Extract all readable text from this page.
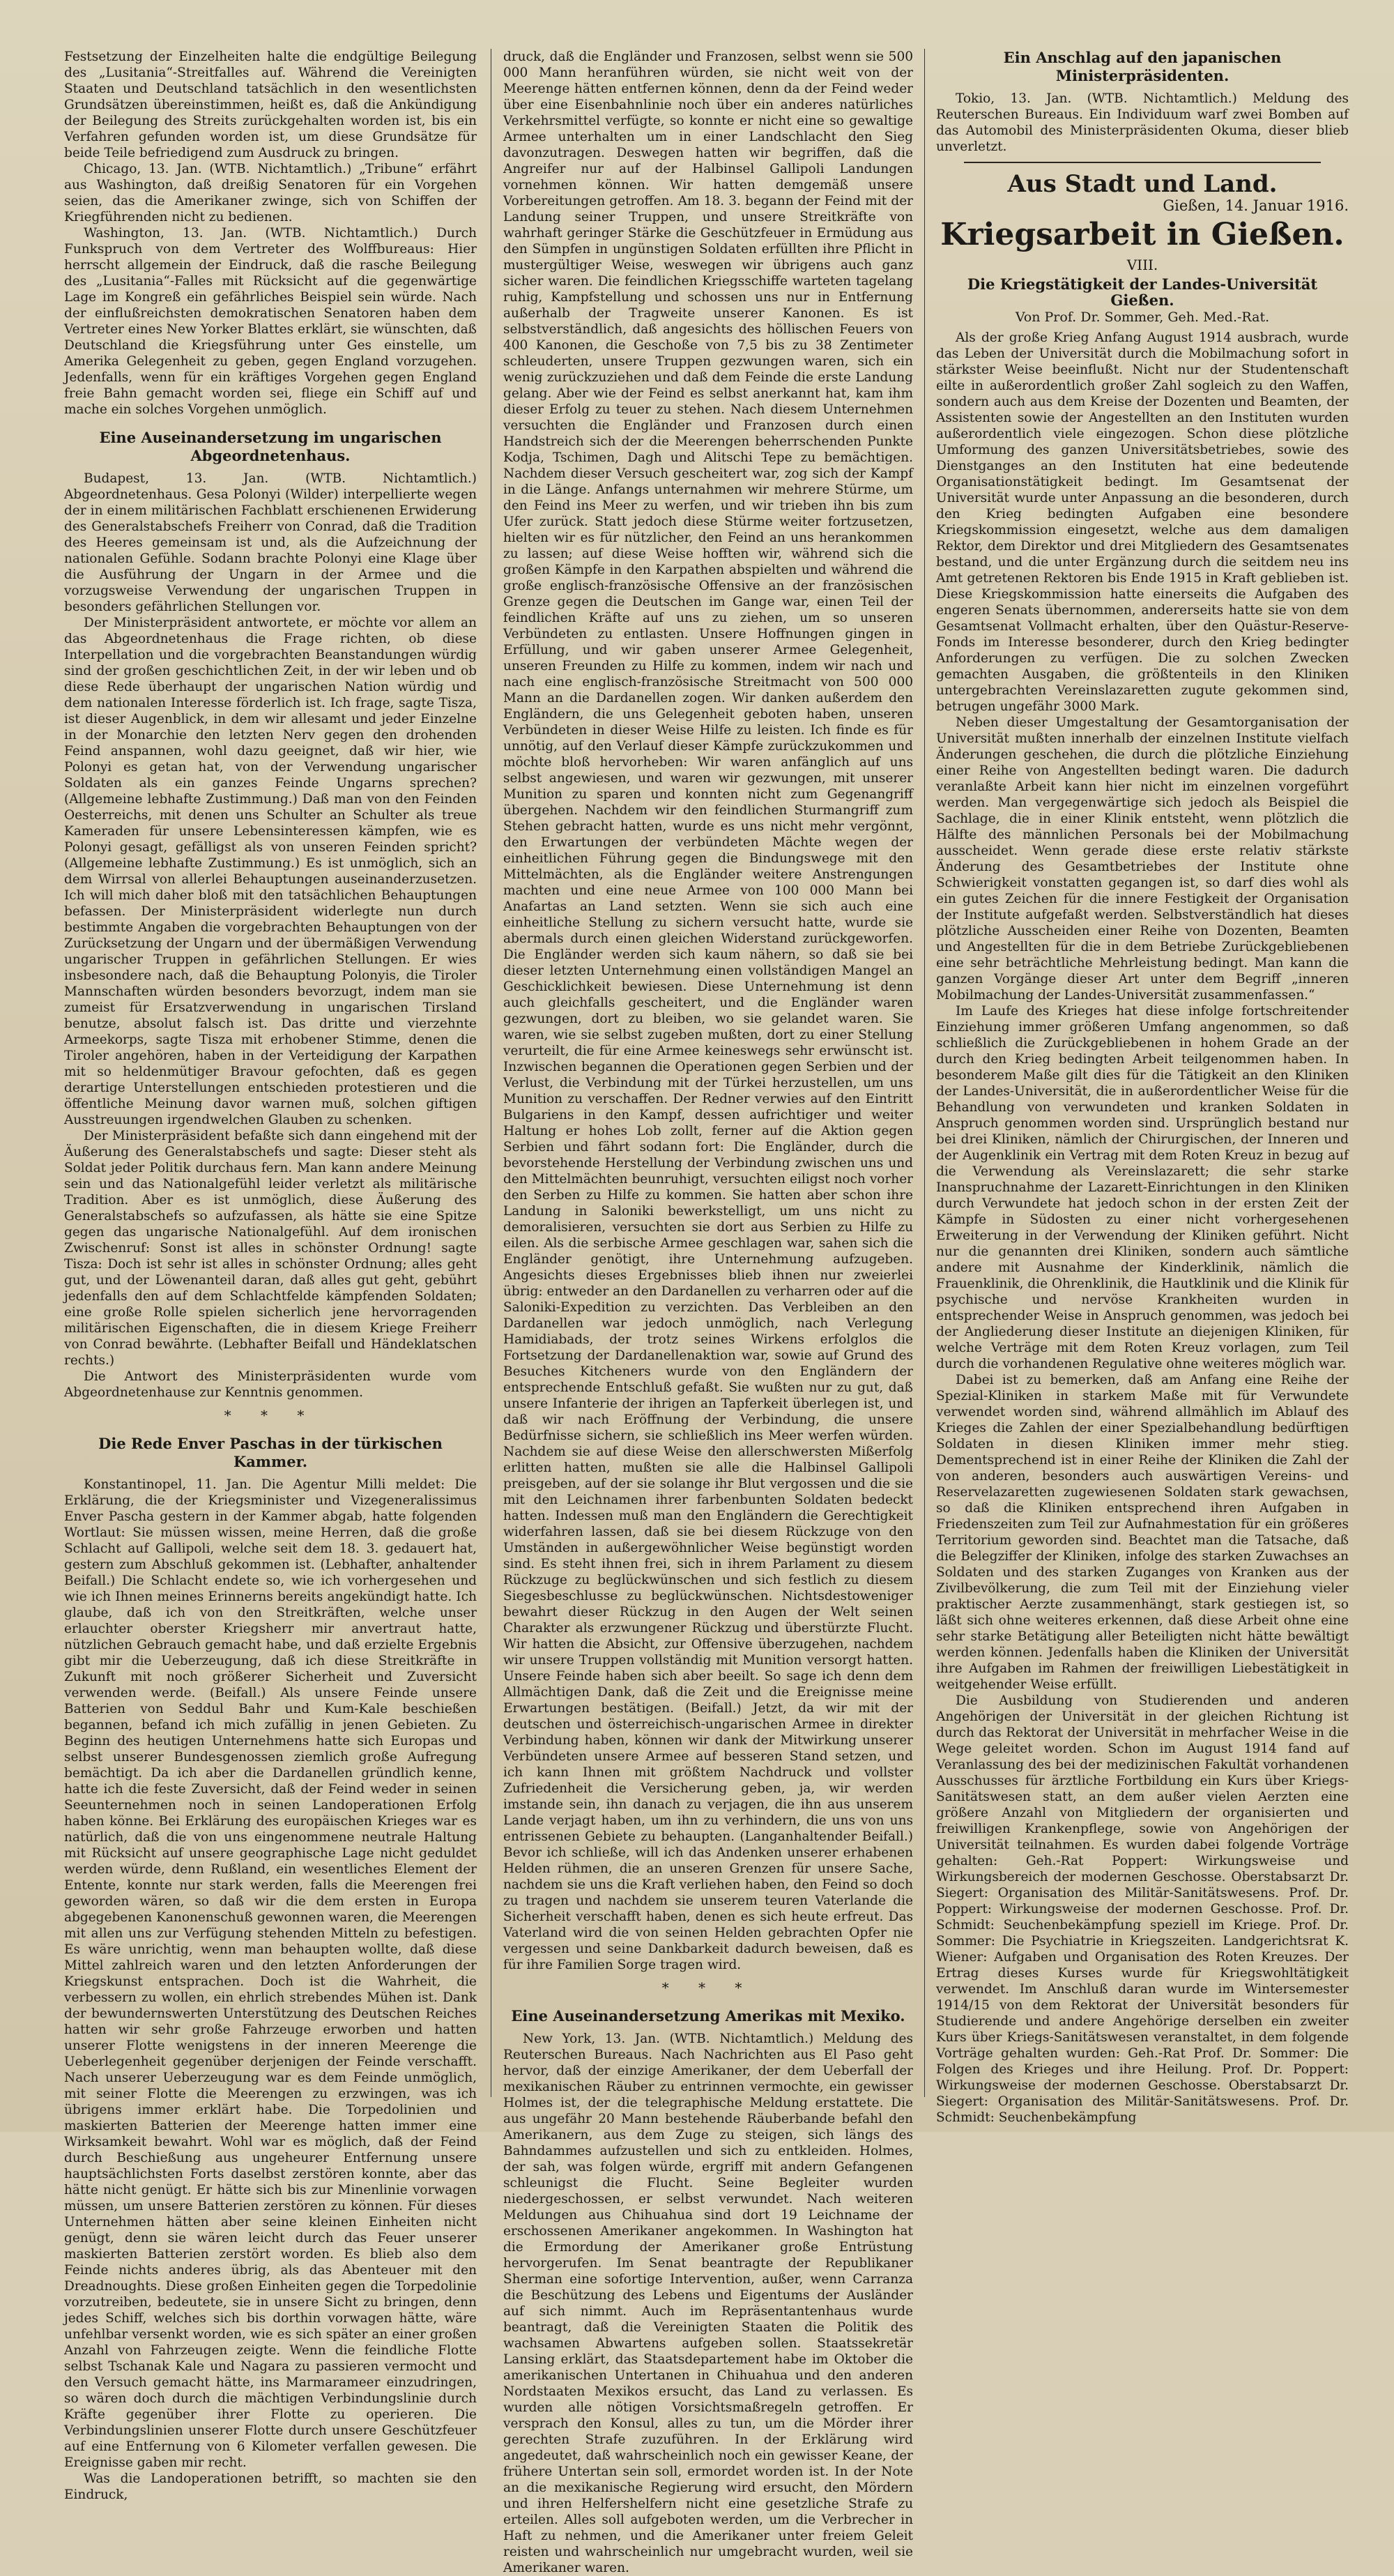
Festsetzung der Einzelheiten halte die endgültige Beilegung des „Lusitania“-Streitfalles auf. Während die Vereinigten Staaten und Deutschland tatsächlich in den wesentlichsten Grundsätzen übereinstimmen, heißt es, daß die Ankündigung der Beilegung des Streits zurückgehalten worden ist, bis ein Verfahren gefunden worden ist, um diese Grundsätze für beide Teile befriedigend zum Ausdruck zu bringen.

Chicago, 13. Jan. (WTB. Nichtamtlich.) „Tribune“ erfährt aus Washington, daß dreißig Senatoren für ein Vorgehen seien, das die Amerikaner zwinge, sich von Schiffen der Kriegführenden nicht zu bedienen.

Washington, 13. Jan. (WTB. Nichtamtlich.) Durch Funkspruch von dem Vertreter des Wolffbureaus: Hier herrscht allgemein der Eindruck, daß die rasche Beilegung des „Lusitania“-Falles mit Rücksicht auf die gegenwärtige Lage im Kongreß ein gefährliches Beispiel sein würde. Nach der einflußreichsten demokratischen Senatoren haben dem Vertreter eines New Yorker Blattes erklärt, sie wünschten, daß Deutschland die Kriegsführung unter Ges einstelle, um Amerika Gelegenheit zu geben, gegen England vorzugehen. Jedenfalls, wenn für ein kräftiges Vorgehen gegen England freie Bahn gemacht worden sei, fliege ein Schiff auf und mache ein solches Vorgehen unmöglich.

Eine Auseinandersetzung im ungarischen Abgeordnetenhaus.

Budapest, 13. Jan. (WTB. Nichtamtlich.) Abgeordnetenhaus. Gesa Polonyi (Wilder) interpellierte wegen der in einem militärischen Fachblatt erschienenen Erwiderung des Generalstabschefs Freiherr von Conrad, daß die Tradition des Heeres gemeinsam ist und, als die Aufzeichnung der nationalen Gefühle. Sodann brachte Polonyi eine Klage über die Ausführung der Ungarn in der Armee und die vorzugsweise Verwendung der ungarischen Truppen in besonders gefährlichen Stellungen vor.

Der Ministerpräsident antwortete, er möchte vor allem an das Abgeordnetenhaus die Frage richten, ob diese Interpellation und die vorgebrachten Beanstandungen würdig sind der großen geschichtlichen Zeit, in der wir leben und ob diese Rede überhaupt der ungarischen Nation würdig und dem nationalen Interesse förderlich ist. Ich frage, sagte Tisza, ist dieser Augenblick, in dem wir allesamt und jeder Einzelne in der Monarchie den letzten Nerv gegen den drohenden Feind anspannen, wohl dazu geeignet, daß wir hier, wie Polonyi es getan hat, von der Verwendung ungarischer Soldaten als ein ganzes Feinde Ungarns sprechen? (Allgemeine lebhafte Zustimmung.) Daß man von den Feinden Oesterreichs, mit denen uns Schulter an Schulter als treue Kameraden für unsere Lebensinteressen kämpfen, wie es Polonyi gesagt, gefälligst als von unseren Feinden spricht? (Allgemeine lebhafte Zustimmung.) Es ist unmöglich, sich an dem Wirrsal von allerlei Behauptungen auseinanderzusetzen. Ich will mich daher bloß mit den tatsächlichen Behauptungen befassen. Der Ministerpräsident widerlegte nun durch bestimmte Angaben die vorgebrachten Behauptungen von der Zurücksetzung der Ungarn und der übermäßigen Verwendung ungarischer Truppen in gefährlichen Stellungen. Er wies insbesondere nach, daß die Behauptung Polonyis, die Tiroler Mannschaften würden besonders bevorzugt, indem man sie zumeist für Ersatzverwendung in ungarischen Tirsland benutze, absolut falsch ist. Das dritte und vierzehnte Armeekorps, sagte Tisza mit erhobener Stimme, denen die Tiroler angehören, haben in der Verteidigung der Karpathen mit so heldenmütiger Bravour gefochten, daß es gegen derartige Unterstellungen entschieden protestieren und die öffentliche Meinung davor warnen muß, solchen giftigen Ausstreuungen irgendwelchen Glauben zu schenken.

Der Ministerpräsident befaßte sich dann eingehend mit der Äußerung des Generalstabschefs und sagte: Dieser steht als Soldat jeder Politik durchaus fern. Man kann andere Meinung sein und das Nationalgefühl leider verletzt als militärische Tradition. Aber es ist unmöglich, diese Äußerung des Generalstabschefs so aufzufassen, als hätte sie eine Spitze gegen das ungarische Nationalgefühl. Auf dem ironischen Zwischenruf: Sonst ist alles in schönster Ordnung! sagte Tisza: Doch ist sehr ist alles in schönster Ordnung; alles geht gut, und der Löwenanteil daran, daß alles gut geht, gebührt jedenfalls den auf dem Schlachtfelde kämpfenden Soldaten; eine große Rolle spielen sicherlich jene hervorragenden militärischen Eigenschaften, die in diesem Kriege Freiherr von Conrad bewährte. (Lebhafter Beifall und Händeklatschen rechts.)

Die Antwort des Ministerpräsidenten wurde vom Abgeordnetenhause zur Kenntnis genommen.

* * *
Die Rede Enver Paschas in der türkischen Kammer.

Konstantinopel, 11. Jan. Die Agentur Milli meldet: Die Erklärung, die der Kriegsminister und Vizegeneralissimus Enver Pascha gestern in der Kammer abgab, hatte folgenden Wortlaut: Sie müssen wissen, meine Herren, daß die große Schlacht auf Gallipoli, welche seit dem 18. 3. gedauert hat, gestern zum Abschluß gekommen ist. (Lebhafter, anhaltender Beifall.) Die Schlacht endete so, wie ich vorhergesehen und wie ich Ihnen meines Erinnerns bereits angekündigt hatte. Ich glaube, daß ich von den Streitkräften, welche unser erlauchter oberster Kriegsherr mir anvertraut hatte, nützlichen Gebrauch gemacht habe, und daß erzielte Ergebnis gibt mir die Ueberzeugung, daß ich diese Streitkräfte in Zukunft mit noch größerer Sicherheit und Zuversicht verwenden werde. (Beifall.) Als unsere Feinde unsere Batterien von Seddul Bahr und Kum-Kale beschießen begannen, befand ich mich zufällig in jenen Gebieten. Zu Beginn des heutigen Unternehmens hatte sich Europas und selbst unserer Bundesgenossen ziemlich große Aufregung bemächtigt. Da ich aber die Dardanellen gründlich kenne, hatte ich die feste Zuversicht, daß der Feind weder in seinen Seeunternehmen noch in seinen Landoperationen Erfolg haben könne. Bei Erklärung des europäischen Krieges war es natürlich, daß die von uns eingenommene neutrale Haltung mit Rücksicht auf unsere geographische Lage nicht geduldet werden würde, denn Rußland, ein wesentliches Element der Entente, konnte nur stark werden, falls die Meerengen frei geworden wären, so daß wir die dem ersten in Europa abgegebenen Kanonenschuß gewonnen waren, die Meerengen mit allen uns zur Verfügung stehenden Mitteln zu befestigen. Es wäre unrichtig, wenn man behaupten wollte, daß diese Mittel zahlreich waren und den letzten Anforderungen der Kriegskunst entsprachen. Doch ist die Wahrheit, die verbessern zu wollen, ein ehrlich strebendes Mühen ist. Dank der bewundernswerten Unterstützung des Deutschen Reiches hatten wir sehr große Fahrzeuge erworben und hatten unserer Flotte wenigstens in der inneren Meerenge die Ueberlegenheit gegenüber derjenigen der Feinde verschafft. Nach unserer Ueberzeugung war es dem Feinde unmöglich, mit seiner Flotte die Meerengen zu erzwingen, was ich übrigens immer erklärt habe. Die Torpedolinien und maskierten Batterien der Meerenge hatten immer eine Wirksamkeit bewahrt. Wohl war es möglich, daß der Feind durch Beschießung aus ungeheurer Entfernung unsere hauptsächlichsten Forts daselbst zerstören konnte, aber das hätte nicht genügt. Er hätte sich bis zur Minenlinie vorwagen müssen, um unsere Batterien zerstören zu können. Für dieses Unternehmen hätten aber seine kleinen Einheiten nicht genügt, denn sie wären leicht durch das Feuer unserer maskierten Batterien zerstört worden. Es blieb also dem Feinde nichts anderes übrig, als das Abenteuer mit den Dreadnoughts. Diese großen Einheiten gegen die Torpedolinie vorzutreiben, bedeutete, sie in unsere Sicht zu bringen, denn jedes Schiff, welches sich bis dorthin vorwagen hätte, wäre unfehlbar versenkt worden, wie es sich später an einer großen Anzahl von Fahrzeugen zeigte. Wenn die feindliche Flotte selbst Tschanak Kale und Nagara zu passieren vermocht und den Versuch gemacht hätte, ins Marmarameer einzudringen, so wären doch durch die mächtigen Verbindungslinie durch Kräfte gegenüber ihrer Flotte zu operieren. Die Verbindungslinien unserer Flotte durch unsere Geschützfeuer auf eine Entfernung von 6 Kilometer verfallen gewesen. Die Ereignisse gaben mir recht.

Was die Landoperationen betrifft, so machten sie den Eindruck,

druck, daß die Engländer und Franzosen, selbst wenn sie 500 000 Mann heranführen würden, sie nicht weit von der Meerenge hätten entfernen können, denn da der Feind weder über eine Eisenbahnlinie noch über ein anderes natürliches Verkehrsmittel verfügte, so konnte er nicht eine so gewaltige Armee unterhalten um in einer Landschlacht den Sieg davonzutragen. Deswegen hatten wir begriffen, daß die Angreifer nur auf der Halbinsel Gallipoli Landungen vornehmen können. Wir hatten demgemäß unsere Vorbereitungen getroffen. Am 18. 3. begann der Feind mit der Landung seiner Truppen, und unsere Streitkräfte von wahrhaft geringer Stärke die Geschützfeuer in Ermüdung aus den Sümpfen in ungünstigen Soldaten erfüllten ihre Pflicht in mustergültiger Weise, weswegen wir übrigens auch ganz sicher waren. Die feindlichen Kriegsschiffe warteten tagelang ruhig, Kampfstellung und schossen uns nur in Entfernung außerhalb der Tragweite unserer Kanonen. Es ist selbstverständlich, daß angesichts des höllischen Feuers von 400 Kanonen, die Geschoße von 7,5 bis zu 38 Zentimeter schleuderten, unsere Truppen gezwungen waren, sich ein wenig zurückzuziehen und daß dem Feinde die erste Landung gelang. Aber wie der Feind es selbst anerkannt hat, kam ihm dieser Erfolg zu teuer zu stehen. Nach diesem Unternehmen versuchten die Engländer und Franzosen durch einen Handstreich sich der die Meerengen beherrschenden Punkte Kodja, Tschimen, Dagh und Alitschi Tepe zu bemächtigen. Nachdem dieser Versuch gescheitert war, zog sich der Kampf in die Länge. Anfangs unternahmen wir mehrere Stürme, um den Feind ins Meer zu werfen, und wir trieben ihn bis zum Ufer zurück. Statt jedoch diese Stürme weiter fortzusetzen, hielten wir es für nützlicher, den Feind an uns herankommen zu lassen; auf diese Weise hofften wir, während sich die großen Kämpfe in den Karpathen abspielten und während die große englisch-französische Offensive an der französischen Grenze gegen die Deutschen im Gange war, einen Teil der feindlichen Kräfte auf uns zu ziehen, um so unseren Verbündeten zu entlasten. Unsere Hoffnungen gingen in Erfüllung, und wir gaben unserer Armee Gelegenheit, unseren Freunden zu Hilfe zu kommen, indem wir nach und nach eine englisch-französische Streitmacht von 500 000 Mann an die Dardanellen zogen. Wir danken außerdem den Engländern, die uns Gelegenheit geboten haben, unseren Verbündeten in dieser Weise Hilfe zu leisten. Ich finde es für unnötig, auf den Verlauf dieser Kämpfe zurückzukommen und möchte bloß hervorheben: Wir waren anfänglich auf uns selbst angewiesen, und waren wir gezwungen, mit unserer Munition zu sparen und konnten nicht zum Gegenangriff übergehen. Nachdem wir den feindlichen Sturmangriff zum Stehen gebracht hatten, wurde es uns nicht mehr vergönnt, den Erwartungen der verbündeten Mächte wegen der einheitlichen Führung gegen die Bindungswege mit den Mittelmächten, als die Engländer weitere Anstrengungen machten und eine neue Armee von 100 000 Mann bei Anafartas an Land setzten. Wenn sie sich auch eine einheitliche Stellung zu sichern versucht hatte, wurde sie abermals durch einen gleichen Widerstand zurückgeworfen. Die Engländer werden sich kaum nähern, so daß sie bei dieser letzten Unternehmung einen vollständigen Mangel an Geschicklichkeit bewiesen. Diese Unternehmung ist denn auch gleichfalls gescheitert, und die Engländer waren gezwungen, dort zu bleiben, wo sie gelandet waren. Sie waren, wie sie selbst zugeben mußten, dort zu einer Stellung verurteilt, die für eine Armee keineswegs sehr erwünscht ist. Inzwischen begannen die Operationen gegen Serbien und der Verlust, die Verbindung mit der Türkei herzustellen, um uns Munition zu verschaffen. Der Redner verwies auf den Eintritt Bulgariens in den Kampf, dessen aufrichtiger und weiter Haltung er hohes Lob zollt, ferner auf die Aktion gegen Serbien und fährt sodann fort: Die Engländer, durch die bevorstehende Herstellung der Verbindung zwischen uns und den Mittelmächten beunruhigt, versuchten eiligst noch vorher den Serben zu Hilfe zu kommen. Sie hatten aber schon ihre Landung in Saloniki bewerkstelligt, um uns nicht zu demoralisieren, versuchten sie dort aus Serbien zu Hilfe zu eilen. Als die serbische Armee geschlagen war, sahen sich die Engländer genötigt, ihre Unternehmung aufzugeben. Angesichts dieses Ergebnisses blieb ihnen nur zweierlei übrig: entweder an den Dardanellen zu verharren oder auf die Saloniki-Expedition zu verzichten. Das Verbleiben an den Dardanellen war jedoch unmöglich, nach Verlegung Hamidiabads, der trotz seines Wirkens erfolglos die Fortsetzung der Dardanellenaktion war, sowie auf Grund des Besuches Kitcheners wurde von den Engländern der entsprechende Entschluß gefaßt. Sie wußten nur zu gut, daß unsere Infanterie der ihrigen an Tapferkeit überlegen ist, und daß wir nach Eröffnung der Verbindung, die unsere Bedürfnisse sichern, sie schließlich ins Meer werfen würden. Nachdem sie auf diese Weise den allerschwersten Mißerfolg erlitten hatten, mußten sie alle die Halbinsel Gallipoli preisgeben, auf der sie solange ihr Blut vergossen und die sie mit den Leichnamen ihrer farbenbunten Soldaten bedeckt hatten. Indessen muß man den Engländern die Gerechtigkeit widerfahren lassen, daß sie bei diesem Rückzuge von den Umständen in außergewöhnlicher Weise begünstigt worden sind. Es steht ihnen frei, sich in ihrem Parlament zu diesem Rückzuge zu beglückwünschen und sich festlich zu diesem Siegesbeschlusse zu beglückwünschen. Nichtsdestoweniger bewahrt dieser Rückzug in den Augen der Welt seinen Charakter als erzwungener Rückzug und überstürzte Flucht. Wir hatten die Absicht, zur Offensive überzugehen, nachdem wir unsere Truppen vollständig mit Munition versorgt hatten. Unsere Feinde haben sich aber beeilt. So sage ich denn dem Allmächtigen Dank, daß die Zeit und die Ereignisse meine Erwartungen bestätigen. (Beifall.) Jetzt, da wir mit der deutschen und österreichisch-ungarischen Armee in direkter Verbindung haben, können wir dank der Mitwirkung unserer Verbündeten unsere Armee auf besseren Stand setzen, und ich kann Ihnen mit größtem Nachdruck und vollster Zufriedenheit die Versicherung geben, ja, wir werden imstande sein, ihn danach zu verjagen, die ihn aus unserem Lande verjagt haben, um ihn zu verhindern, die uns von uns entrissenen Gebiete zu behaupten. (Langanhaltender Beifall.) Bevor ich schließe, will ich das Andenken unserer erhabenen Helden rühmen, die an unseren Grenzen für unsere Sache, nachdem sie uns die Kraft verliehen haben, den Feind so doch zu tragen und nachdem sie unserem teuren Vaterlande die Sicherheit verschafft haben, denen es sich heute erfreut. Das Vaterland wird die von seinen Helden gebrachten Opfer nie vergessen und seine Dankbarkeit dadurch beweisen, daß es für ihre Familien Sorge tragen wird.

* * *
Eine Auseinandersetzung Amerikas mit Mexiko.

New York, 13. Jan. (WTB. Nichtamtlich.) Meldung des Reuterschen Bureaus. Nach Nachrichten aus El Paso geht hervor, daß der einzige Amerikaner, der dem Ueberfall der mexikanischen Räuber zu entrinnen vermochte, ein gewisser Holmes ist, der die telegraphische Meldung erstattete. Die aus ungefähr 20 Mann bestehende Räuberbande befahl den Amerikanern, aus dem Zuge zu steigen, sich längs des Bahndammes aufzustellen und sich zu entkleiden. Holmes, der sah, was folgen würde, ergriff mit andern Gefangenen schleunigst die Flucht. Seine Begleiter wurden niedergeschossen, er selbst verwundet. Nach weiteren Meldungen aus Chihuahua sind dort 19 Leichname der erschossenen Amerikaner angekommen. In Washington hat die Ermordung der Amerikaner große Entrüstung hervorgerufen. Im Senat beantragte der Republikaner Sherman eine sofortige Intervention, außer, wenn Carranza die Beschützung des Lebens und Eigentums der Ausländer auf sich nimmt. Auch im Repräsentantenhaus wurde beantragt, daß die Vereinigten Staaten die Politik des wachsamen Abwartens aufgeben sollen. Staatssekretär Lansing erklärt, das Staatsdepartement habe im Oktober die amerikanischen Untertanen in Chihuahua und den anderen Nordstaaten Mexikos ersucht, das Land zu verlassen. Es wurden alle nötigen Vorsichtsmaßregeln getroffen. Er versprach den Konsul, alles zu tun, um die Mörder ihrer gerechten Strafe zuzuführen. In der Erklärung wird angedeutet, daß wahrscheinlich noch ein gewisser Keane, der frühere Untertan sein soll, ermordet worden ist. In der Note an die mexikanische Regierung wird ersucht, den Mördern und ihren Helfershelfern nicht eine gesetzliche Strafe zu erteilen. Alles soll aufgeboten werden, um die Verbrecher in Haft zu nehmen, und die Amerikaner unter freiem Geleit reisten und wahrscheinlich nur umgebracht wurden, weil sie Amerikaner waren.

Ein Anschlag auf den japanischen Ministerpräsidenten.

Tokio, 13. Jan. (WTB. Nichtamtlich.) Meldung des Reuterschen Bureaus. Ein Individuum warf zwei Bomben auf das Automobil des Ministerpräsidenten Okuma, dieser blieb unverletzt.

Aus Stadt und Land.
Gießen, 14. Januar 1916.
Kriegsarbeit in Gießen.
VIII.
Die Kriegstätigkeit der Landes-Universität Gießen.
Von Prof. Dr. Sommer, Geh. Med.-Rat.

Als der große Krieg Anfang August 1914 ausbrach, wurde das Leben der Universität durch die Mobilmachung sofort in stärkster Weise beeinflußt. Nicht nur der Studentenschaft eilte in außerordentlich großer Zahl sogleich zu den Waffen, sondern auch aus dem Kreise der Dozenten und Beamten, der Assistenten sowie der Angestellten an den Instituten wurden außerordentlich viele eingezogen. Schon diese plötzliche Umformung des ganzen Universitätsbetriebes, sowie des Dienstganges an den Instituten hat eine bedeutende Organisationstätigkeit bedingt. Im Gesamtsenat der Universität wurde unter Anpassung an die besonderen, durch den Krieg bedingten Aufgaben eine besondere Kriegskommission eingesetzt, welche aus dem damaligen Rektor, dem Direktor und drei Mitgliedern des Gesamtsenates bestand, und die unter Ergänzung durch die seitdem neu ins Amt getretenen Rektoren bis Ende 1915 in Kraft geblieben ist. Diese Kriegskommission hatte einerseits die Aufgaben des engeren Senats übernommen, andererseits hatte sie von dem Gesamtsenat Vollmacht erhalten, über den Quästur-Reserve-Fonds im Interesse besonderer, durch den Krieg bedingter Anforderungen zu verfügen. Die zu solchen Zwecken gemachten Ausgaben, die größtenteils in den Kliniken untergebrachten Vereinslazaretten zugute gekommen sind, betrugen ungefähr 3000 Mark.

Neben dieser Umgestaltung der Gesamtorganisation der Universität mußten innerhalb der einzelnen Institute vielfach Änderungen geschehen, die durch die plötzliche Einziehung einer Reihe von Angestellten bedingt waren. Die dadurch veranlaßte Arbeit kann hier nicht im einzelnen vorgeführt werden. Man vergegenwärtige sich jedoch als Beispiel die Sachlage, die in einer Klinik entsteht, wenn plötzlich die Hälfte des männlichen Personals bei der Mobilmachung ausscheidet. Wenn gerade diese erste relativ stärkste Änderung des Gesamtbetriebes der Institute ohne Schwierigkeit vonstatten gegangen ist, so darf dies wohl als ein gutes Zeichen für die innere Festigkeit der Organisation der Institute aufgefaßt werden. Selbstverständlich hat dieses plötzliche Ausscheiden einer Reihe von Dozenten, Beamten und Angestellten für die in dem Betriebe Zurückgebliebenen eine sehr beträchtliche Mehrleistung bedingt. Man kann die ganzen Vorgänge dieser Art unter dem Begriff „inneren Mobilmachung der Landes-Universität zusammenfassen.“

Im Laufe des Krieges hat diese infolge fortschreitender Einziehung immer größeren Umfang angenommen, so daß schließlich die Zurückgebliebenen in hohem Grade an der durch den Krieg bedingten Arbeit teilgenommen haben. In besonderem Maße gilt dies für die Tätigkeit an den Kliniken der Landes-Universität, die in außerordentlicher Weise für die Behandlung von verwundeten und kranken Soldaten in Anspruch genommen worden sind. Ursprünglich bestand nur bei drei Kliniken, nämlich der Chirurgischen, der Inneren und der Augenklinik ein Vertrag mit dem Roten Kreuz in bezug auf die Verwendung als Vereinslazarett; die sehr starke Inanspruchnahme der Lazarett-Einrichtungen in den Kliniken durch Verwundete hat jedoch schon in der ersten Zeit der Kämpfe in Südosten zu einer nicht vorhergesehenen Erweiterung in der Verwendung der Kliniken geführt. Nicht nur die genannten drei Kliniken, sondern auch sämtliche andere mit Ausnahme der Kinderklinik, nämlich die Frauenklinik, die Ohrenklinik, die Hautklinik und die Klinik für psychische und nervöse Krankheiten wurden in entsprechender Weise in Anspruch genommen, was jedoch bei der Angliederung dieser Institute an diejenigen Kliniken, für welche Verträge mit dem Roten Kreuz vorlagen, zum Teil durch die vorhandenen Regulative ohne weiteres möglich war.

Dabei ist zu bemerken, daß am Anfang eine Reihe der Spezial-Kliniken in starkem Maße mit für Verwundete verwendet worden sind, während allmählich im Ablauf des Krieges die Zahlen der einer Spezialbehandlung bedürftigen Soldaten in diesen Kliniken immer mehr stieg. Dementsprechend ist in einer Reihe der Kliniken die Zahl der von anderen, besonders auch auswärtigen Vereins- und Reservelazaretten zugewiesenen Soldaten stark gewachsen, so daß die Kliniken entsprechend ihren Aufgaben in Friedenszeiten zum Teil zur Aufnahmestation für ein größeres Territorium geworden sind. Beachtet man die Tatsache, daß die Belegziffer der Kliniken, infolge des starken Zuwachses an Soldaten und des starken Zuganges von Kranken aus der Zivilbevölkerung, die zum Teil mit der Einziehung vieler praktischer Aerzte zusammenhängt, stark gestiegen ist, so läßt sich ohne weiteres erkennen, daß diese Arbeit ohne eine sehr starke Betätigung aller Beteiligten nicht hätte bewältigt werden können. Jedenfalls haben die Kliniken der Universität ihre Aufgaben im Rahmen der freiwilligen Liebestätigkeit in weitgehender Weise erfüllt.

Die Ausbildung von Studierenden und anderen Angehörigen der Universität in der gleichen Richtung ist durch das Rektorat der Universität in mehrfacher Weise in die Wege geleitet worden. Schon im August 1914 fand auf Veranlassung des bei der medizinischen Fakultät vorhandenen Ausschusses für ärztliche Fortbildung ein Kurs über Kriegs-Sanitätswesen statt, an dem außer vielen Aerzten eine größere Anzahl von Mitgliedern der organisierten und freiwilligen Krankenpflege, sowie von Angehörigen der Universität teilnahmen. Es wurden dabei folgende Vorträge gehalten: Geh.-Rat Poppert: Wirkungsweise und Wirkungsbereich der modernen Geschosse. Oberstabsarzt Dr. Siegert: Organisation des Militär-Sanitätswesens. Prof. Dr. Poppert: Wirkungsweise der modernen Geschosse. Prof. Dr. Schmidt: Seuchenbekämpfung speziell im Kriege. Prof. Dr. Sommer: Die Psychiatrie in Kriegszeiten. Landgerichtsrat K. Wiener: Aufgaben und Organisation des Roten Kreuzes. Der Ertrag dieses Kurses wurde für Kriegswohltätigkeit verwendet. Im Anschluß daran wurde im Wintersemester 1914/15 von dem Rektorat der Universität besonders für Studierende und andere Angehörige derselben ein zweiter Kurs über Kriegs-Sanitätswesen veranstaltet, in dem folgende Vorträge gehalten wurden: Geh.-Rat Prof. Dr. Sommer: Die Folgen des Krieges und ihre Heilung. Prof. Dr. Poppert: Wirkungsweise der modernen Geschosse. Oberstabsarzt Dr. Siegert: Organisation des Militär-Sanitätswesens. Prof. Dr. Schmidt: Seuchenbekämpfung
